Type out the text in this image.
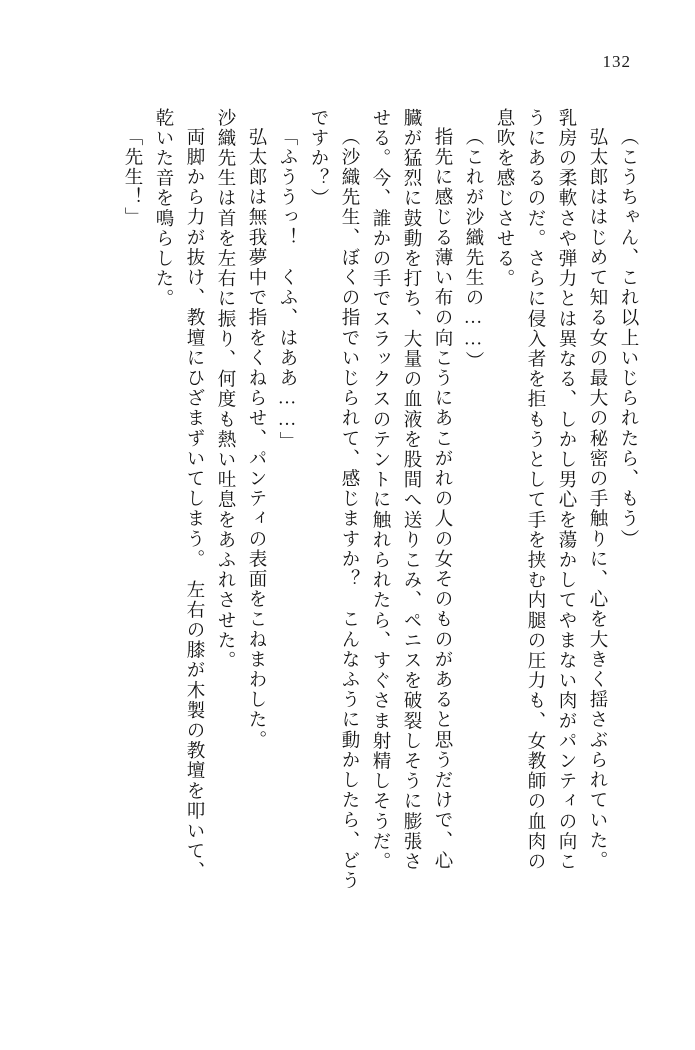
132
（こうちゃん、これ以上いじられたら、もう）
弘太郎ははじめて知る女の最大の秘密の手触りに、心を大きく揺さぶられていた。
乳房の柔軟さや弾力とは異なる、しかし男心を蕩かしてやまない肉がパンティの向こ
うにあるのだ。さらに侵入者を拒もうとして手を挟む内腿の圧力も、女教師の血肉の
息吹を感じさせる。
（これが沙織先生の……）
指先に感じる薄い布の向こうにあこがれの人の女そのものがあると思うだけで、心
臓が猛烈に鼓動を打ち、大量の血液を股間へ送りこみ、ペニスを破裂しそうに膨張さ
せる。今、誰かの手でスラックスのテントに触れられたら、すぐさま射精しそうだ。
（沙織先生、ぼくの指でいじられて、感じますか？　こんなふうに動かしたら、どう
ですか？）
「ふううっ！　くふ、はああ……」
弘太郎は無我夢中で指をくねらせ、パンティの表面をこねまわした。
沙織先生は首を左右に振り、何度も熱い吐息をあふれさせた。
両脚から力が抜け、教壇にひざまずいてしまう。　左右の膝が木製の教壇を叩いて、
乾いた音を鳴らした。
「先生！」
